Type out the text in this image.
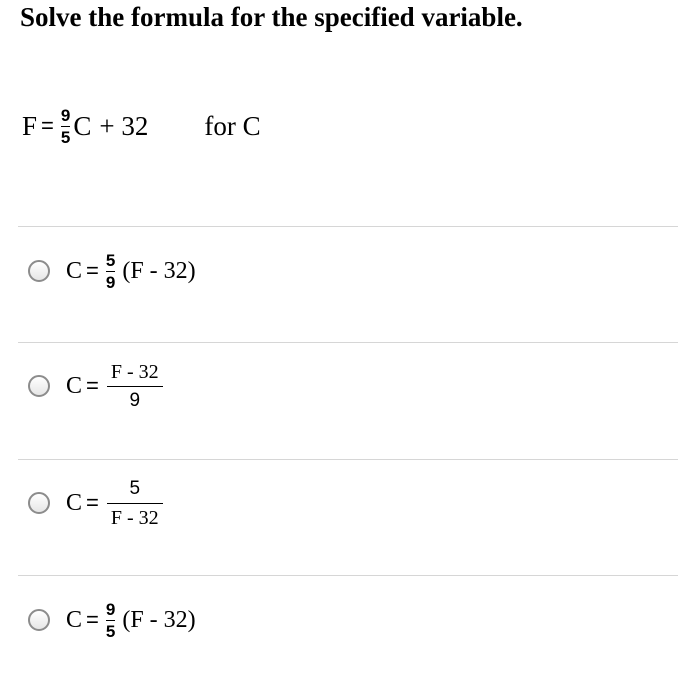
Solve the formula for the specified variable.
$F = \frac{9}{5}$ C + 32 for C
$C = \frac{5}{9} (F - 32)$
$C = \frac{F - 32}{9}$
$C = \frac{5}{F - 32}$
$C = \frac{9}{5} (F - 32)$
